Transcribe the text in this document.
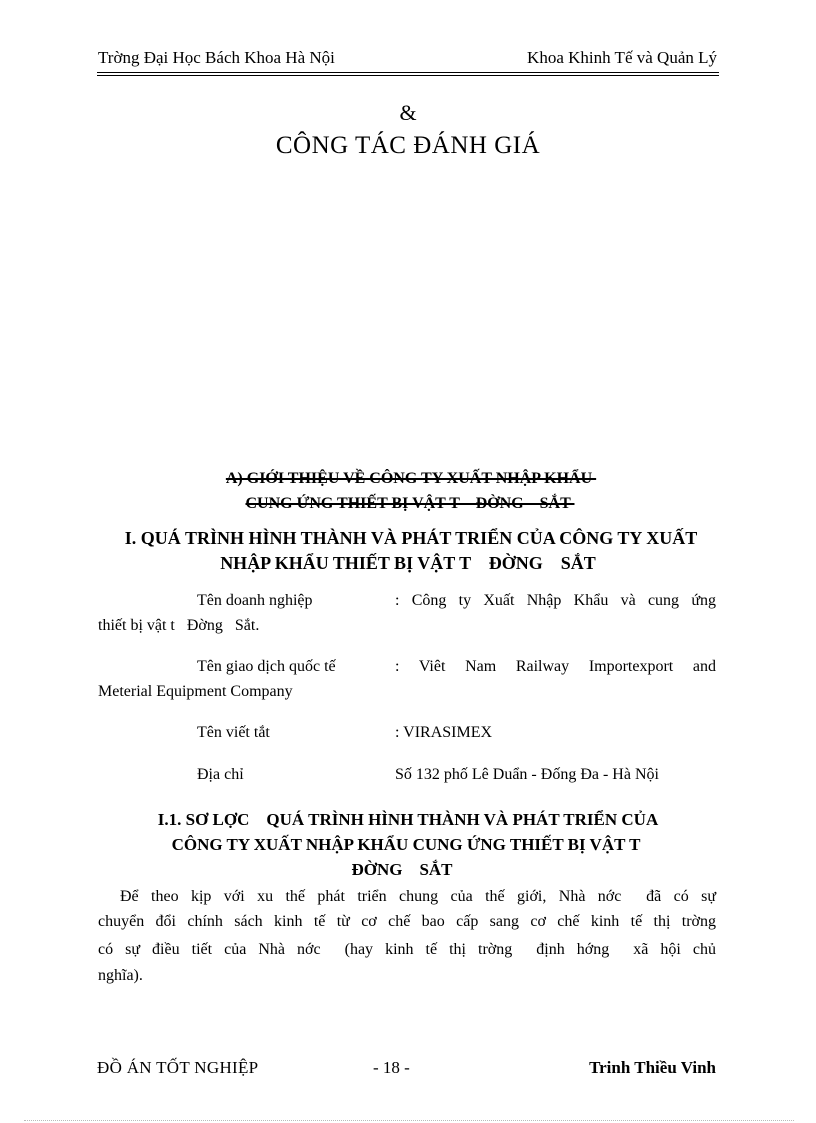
Trờng Đại Học Bách Khoa Hà Nội	Khoa Khinh Tế và Quản Lý
&
CÔNG TÁC ĐÁNH GIÁ
A) GIỚI THIỆU VỀ CÔNG TY XUẤT NHẬP KHẨU
CUNG ỨNG THIẾT BỊ VẬT T    ĐỜNG    SẮT
I. QUÁ TRÌNH HÌNH THÀNH VÀ PHÁT TRIỂN CỦA CÔNG TY XUẤT
NHẬP KHẨU THIẾT BỊ VẬT T    ĐỜNG    SẮT
Tên doanh nghiệp	: Công ty Xuất Nhập Khẩu và cung ứng
thiết bị vật t   Đờng   Sắt.
Tên giao dịch quốc tế	:  Viêt  Nam  Railway  Importexport  and
Meterial Equipment Company
Tên viết tắt	: VIRASIMEX
Địa chỉ	Số 132 phố Lê Duẩn - Đống Đa - Hà Nội
I.1. SƠ LỢC    QUÁ TRÌNH HÌNH THÀNH VÀ PHÁT TRIỂN CỦA
CÔNG TY XUẤT NHẬP KHẨU CUNG ỨNG THIẾT BỊ VẬT T
ĐỜNG    SẮT
Để theo kịp với xu thế phát triển chung của thế giới, Nhà nớc  đã có sự
chuyển đổi chính sách kinh tế từ cơ chế bao cấp sang cơ chế kinh tế thị trờng
có sự điều tiết của Nhà nớc  (hay kinh tế thị trờng  định hớng  xã hội chủ
nghĩa).
ĐỒ ÁN TỐT NGHIỆP	- 18 -	Trinh Thiều Vinh
